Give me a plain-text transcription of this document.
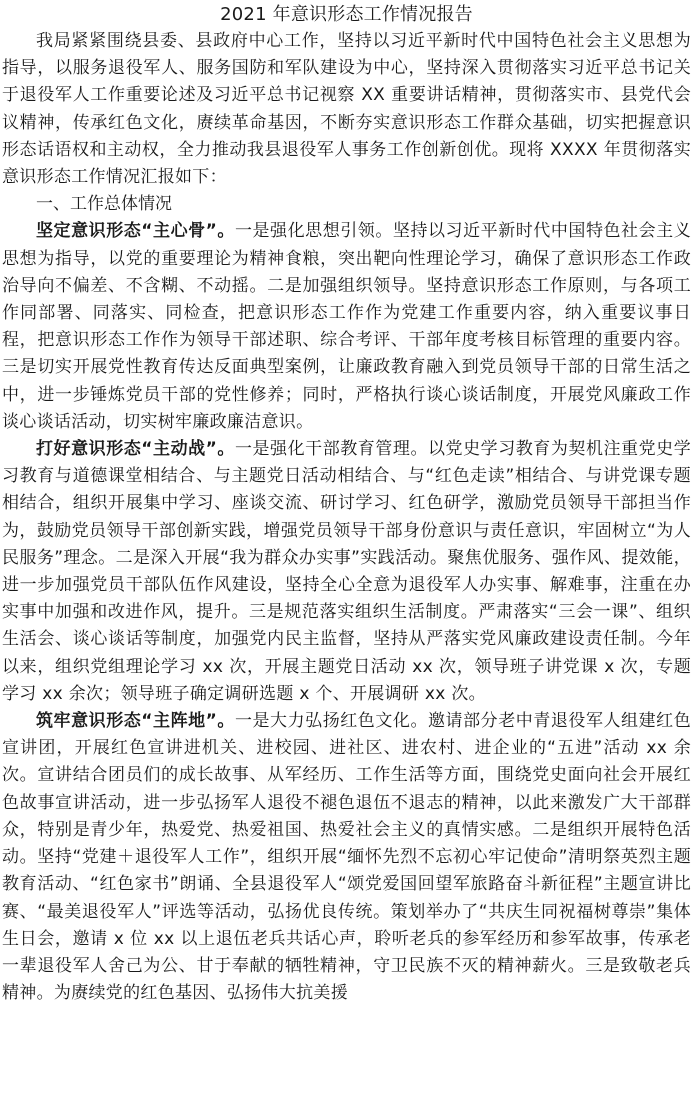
2021 年意识形态工作情况报告

我局紧紧围绕县委、县政府中心工作，坚持以习近平新时代中国特色社会主义思想为指导，以服务退役军人、服务国防和军队建设为中心，坚持深入贯彻落实习近平总书记关于退役军人工作重要论述及习近平总书记视察 XX 重要讲话精神，贯彻落实市、县党代会议精神，传承红色文化，赓续革命基因，不断夯实意识形态工作群众基础，切实把握意识形态话语权和主动权，全力推动我县退役军人事务工作创新创优。现将 XXXX 年贯彻落实意识形态工作情况汇报如下：

一、工作总体情况

坚定意识形态“主心骨”。一是强化思想引领。坚持以习近平新时代中国特色社会主义思想为指导，以党的重要理论为精神食粮，突出靶向性理论学习，确保了意识形态工作政治导向不偏差、不含糊、不动摇。二是加强组织领导。坚持意识形态工作原则，与各项工作同部署、同落实、同检查，把意识形态工作作为党建工作重要内容，纳入重要议事日程，把意识形态工作作为领导干部述职、综合考评、干部年度考核目标管理的重要内容。三是切实开展党性教育传达反面典型案例，让廉政教育融入到党员领导干部的日常生活之中，进一步锤炼党员干部的党性修养；同时，严格执行谈心谈话制度，开展党风廉政工作谈心谈话活动，切实树牢廉政廉洁意识。

打好意识形态“主动战”。一是强化干部教育管理。以党史学习教育为契机注重党史学习教育与道德课堂相结合、与主题党日活动相结合、与“红色走读”相结合、与讲党课专题相结合，组织开展集中学习、座谈交流、研讨学习、红色研学，激励党员领导干部担当作为，鼓励党员领导干部创新实践，增强党员领导干部身份意识与责任意识，牢固树立“为人民服务”理念。二是深入开展“我为群众办实事”实践活动。聚焦优服务、强作风、提效能，进一步加强党员干部队伍作风建设，坚持全心全意为退役军人办实事、解难事，注重在办实事中加强和改进作风，提升。三是规范落实组织生活制度。严肃落实“三会一课”、组织生活会、谈心谈话等制度，加强党内民主监督，坚持从严落实党风廉政建设责任制。今年以来，组织党组理论学习 xx 次，开展主题党日活动 xx 次，领导班子讲党课 x 次，专题学习 xx 余次；领导班子确定调研选题 x 个、开展调研 xx 次。

筑牢意识形态“主阵地”。一是大力弘扬红色文化。邀请部分老中青退役军人组建红色宣讲团，开展红色宣讲进机关、进校园、进社区、进农村、进企业的“五进”活动 xx 余次。宣讲结合团员们的成长故事、从军经历、工作生活等方面，围绕党史面向社会开展红色故事宣讲活动，进一步弘扬军人退役不褪色退伍不退志的精神，以此来激发广大干部群众，特别是青少年，热爱党、热爱祖国、热爱社会主义的真情实感。二是组织开展特色活动。坚持“党建＋退役军人工作”，组织开展“缅怀先烈不忘初心牢记使命”清明祭英烈主题教育活动、“红色家书”朗诵、全县退役军人“颂党爱国回望军旅路奋斗新征程”主题宣讲比赛、“最美退役军人”评选等活动，弘扬优良传统。策划举办了“共庆生同祝福树尊崇”集体生日会，邀请 x 位 xx 以上退伍老兵共话心声，聆听老兵的参军经历和参军故事，传承老一辈退役军人舍己为公、甘于奉献的牺牲精神，守卫民族不灭的精神薪火。三是致敬老兵精神。为赓续党的红色基因、弘扬伟大抗美援
